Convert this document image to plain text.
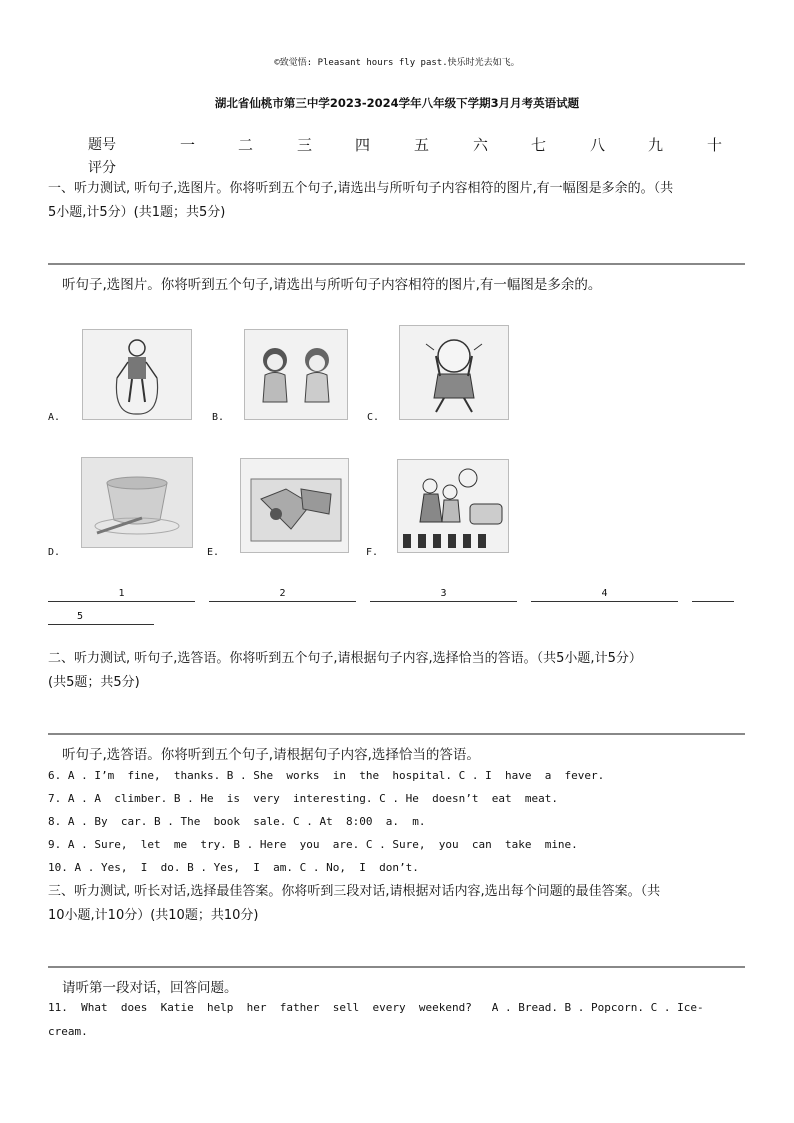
©致觉悟: Pleasant hours fly past.快乐时光去如飞。
湖北省仙桃市第三中学2023-2024学年八年级下学期3月月考英语试题
题号
评分
一	二	三	四	五	六	七	八	九	十
一、听力测试, 听句子,选图片。你将听到五个句子,请选出与所听句子内容相符的图片,有一幅图是多余的。（共
5小题,计5分）(共1题；共5分)
听句子,选图片。你将听到五个句子,请选出与所听句子内容相符的图片,有一幅图是多余的。
A.	B.	C.
D.	E.	F.
1	2	3	4
5
二、听力测试, 听句子,选答语。你将听到五个句子,请根据句子内容,选择恰当的答语。（共5小题,计5分）
(共5题；共5分)
听句子,选答语。你将听到五个句子,请根据句子内容,选择恰当的答语。
6. A . I’m  fine,  thanks. B . She  works  in  the  hospital. C . I  have  a  fever.
7. A . A  climber. B . He  is  very  interesting. C . He  doesn’t  eat  meat.
8. A . By  car. B . The  book  sale. C . At  8:00  a.  m.
9. A . Sure,  let  me  try. B . Here  you  are. C . Sure,  you  can  take  mine.
10. A . Yes,  I  do. B . Yes,  I  am. C . No,  I  don’t.
三、听力测试, 听长对话,选择最佳答案。你将听到三段对话,请根据对话内容,选出每个问题的最佳答案。（共
10小题,计10分）(共10题；共10分)
请听第一段对话，回答问题。
11.  What  does  Katie  help  her  father  sell  every  weekend?   A . Bread. B . Popcorn. C . Ice-
cream.
